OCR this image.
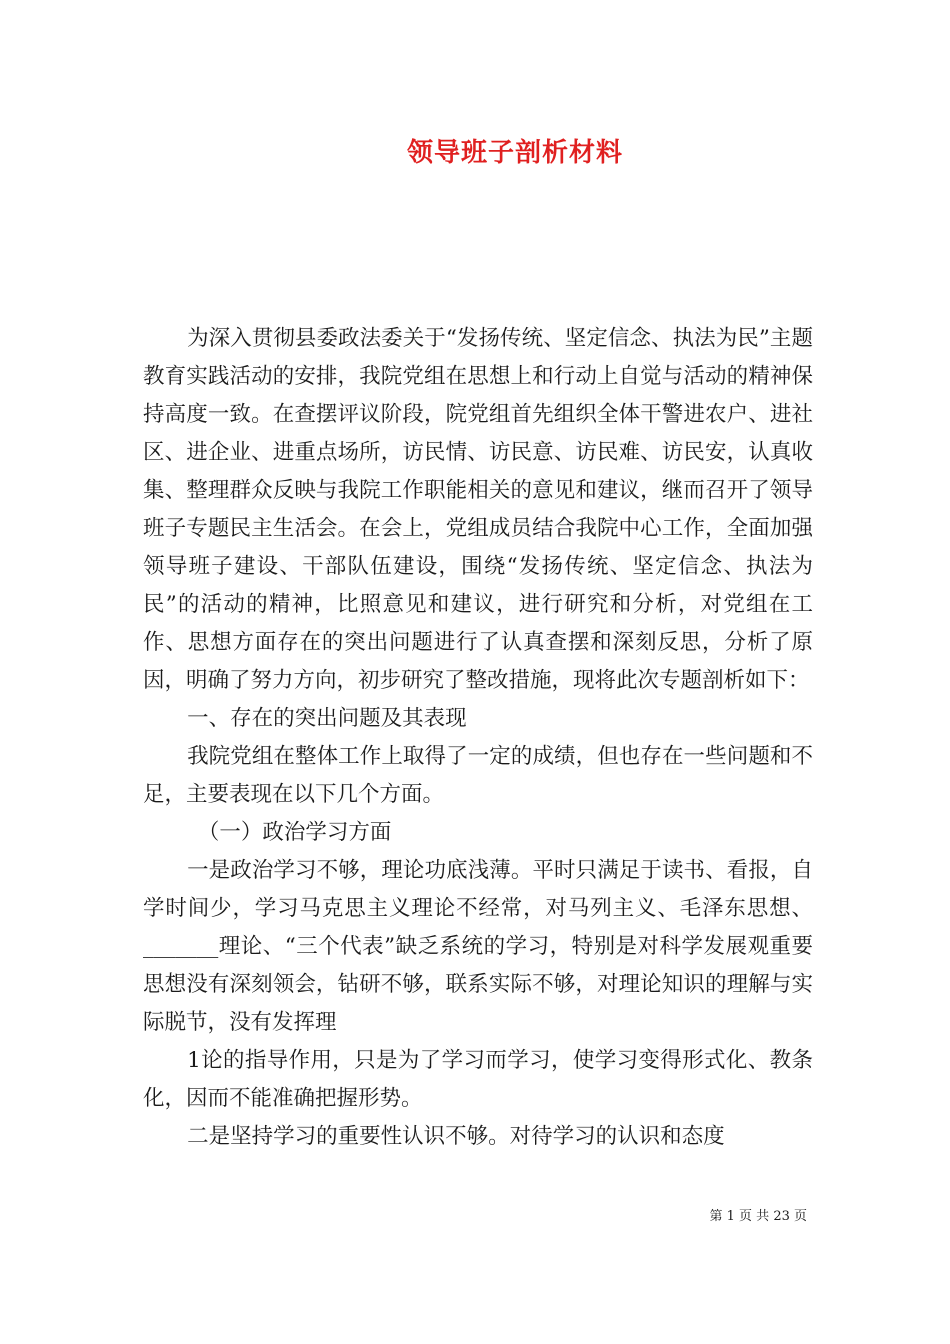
领导班子剖析材料

为深入贯彻县委政法委关于“发扬传统、坚定信念、执法为民”主题教育实践活动的安排，我院党组在思想上和行动上自觉与活动的精神保持高度一致。在查摆评议阶段，院党组首先组织全体干警进农户、进社区、进企业、进重点场所，访民情、访民意、访民难、访民安，认真收集、整理群众反映与我院工作职能相关的意见和建议，继而召开了领导班子专题民主生活会。在会上，党组成员结合我院中心工作，全面加强领导班子建设、干部队伍建设，围绕“发扬传统、坚定信念、执法为民”的活动的精神，比照意见和建议，进行研究和分析，对党组在工作、思想方面存在的突出问题进行了认真查摆和深刻反思，分析了原因，明确了努力方向，初步研究了整改措施，现将此次专题剖析如下：

一、存在的突出问题及其表现

我院党组在整体工作上取得了一定的成绩，但也存在一些问题和不足，主要表现在以下几个方面。

（一）政治学习方面

一是政治学习不够，理论功底浅薄。平时只满足于读书、看报，自学时间少，学习马克思主义理论不经常，对马列主义、毛泽东思想、_______理论、“三个代表”缺乏系统的学习，特别是对科学发展观重要思想没有深刻领会，钻研不够，联系实际不够，对理论知识的理解与实际脱节，没有发挥理

1论的指导作用，只是为了学习而学习，使学习变得形式化、教条化，因而不能准确把握形势。

二是坚持学习的重要性认识不够。对待学习的认识和态度

第 1 页 共 23 页
